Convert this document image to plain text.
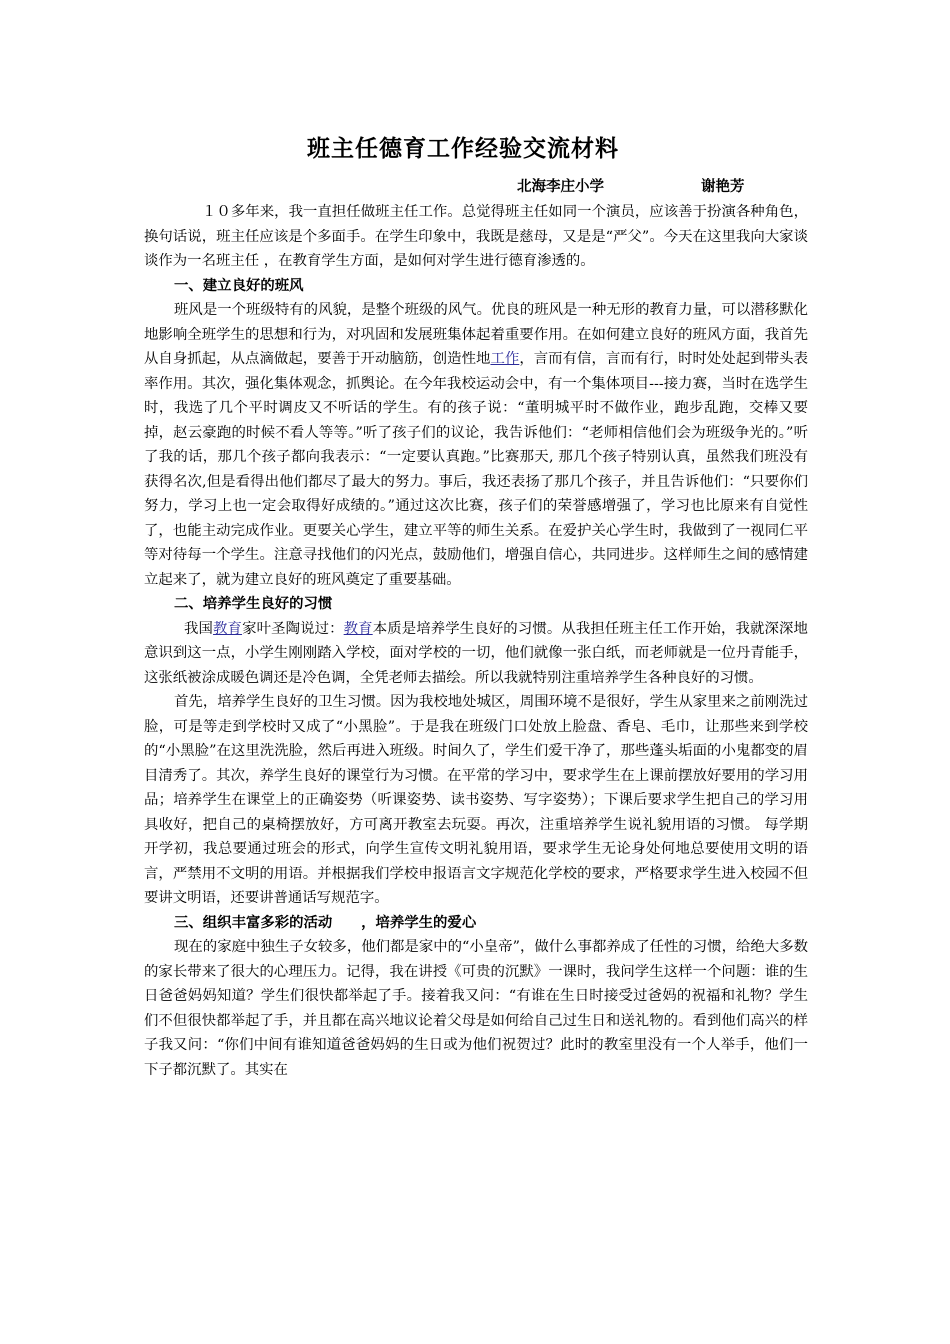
班主任德育工作经验交流材料
北海李庄小学	谢艳芳

１０多年来，我一直担任做班主任工作。总觉得班主任如同一个演员，应该善于扮演各种角色，换句话说，班主任应该是个多面手。在学生印象中，我既是慈母，又是是“严父”。今天在这里我向大家谈谈作为一名班主任 ，在教育学生方面，是如何对学生进行德育渗透的。

一、建立良好的班风

班风是一个班级特有的风貌，是整个班级的风气。优良的班风是一种无形的教育力量，可以潜移默化地影响全班学生的思想和行为，对巩固和发展班集体起着重要作用。在如何建立良好的班风方面，我首先从自身抓起，从点滴做起，要善于开动脑筋，创造性地工作，言而有信，言而有行，时时处处起到带头表率作用。其次，强化集体观念，抓舆论。在今年我校运动会中，有一个集体项目---接力赛，当时在选学生时，我选了几个平时调皮又不听话的学生。有的孩子说：“董明城平时不做作业，跑步乱跑，交棒又要掉，赵云豪跑的时候不看人等等。”听了孩子们的议论，我告诉他们：“老师相信他们会为班级争光的。”听了我的话，那几个孩子都向我表示：“一定要认真跑。”比赛那天, 那几个孩子特别认真，虽然我们班没有获得名次,但是看得出他们都尽了最大的努力。事后，我还表扬了那几个孩子，并且告诉他们：“只要你们努力，学习上也一定会取得好成绩的。”通过这次比赛，孩子们的荣誉感增强了，学习也比原来有自觉性了，也能主动完成作业。更要关心学生，建立平等的师生关系。在爱护关心学生时，我做到了一视同仁平等对待每一个学生。注意寻找他们的闪光点，鼓励他们，增强自信心，共同进步。这样师生之间的感情建立起来了，就为建立良好的班风奠定了重要基础。

二、培养学生良好的习惯

我国教育家叶圣陶说过：教育本质是培养学生良好的习惯。从我担任班主任工作开始，我就深深地意识到这一点，小学生刚刚踏入学校，面对学校的一切，他们就像一张白纸，而老师就是一位丹青能手，这张纸被涂成暖色调还是冷色调，全凭老师去描绘。所以我就特别注重培养学生各种良好的习惯。

首先，培养学生良好的卫生习惯。因为我校地处城区，周围环境不是很好，学生从家里来之前刚洗过脸，可是等走到学校时又成了“小黑脸”。于是我在班级门口处放上脸盘、香皂、毛巾，让那些来到学校的“小黑脸”在这里洗洗脸，然后再进入班级。时间久了，学生们爱干净了，那些蓬头垢面的小鬼都变的眉目清秀了。其次，养学生良好的课堂行为习惯。在平常的学习中，要求学生在上课前摆放好要用的学习用品；培养学生在课堂上的正确姿势（听课姿势、读书姿势、写字姿势）；下课后要求学生把自己的学习用具收好，把自己的桌椅摆放好，方可离开教室去玩耍。再次，注重培养学生说礼貌用语的习惯。 每学期开学初，我总要通过班会的形式，向学生宣传文明礼貌用语，要求学生无论身处何地总要使用文明的语言，严禁用不文明的用语。并根据我们学校申报语言文字规范化学校的要求，严格要求学生进入校园不但要讲文明语，还要讲普通话写规范字。

三、组织丰富多彩的活动　　，培养学生的爱心

现在的家庭中独生子女较多，他们都是家中的“小皇帝”，做什么事都养成了任性的习惯，给绝大多数的家长带来了很大的心理压力。记得，我在讲授《可贵的沉默》一课时，我问学生这样一个问题：谁的生日爸爸妈妈知道？学生们很快都举起了手。接着我又问：“有谁在生日时接受过爸妈的祝福和礼物？学生们不但很快都举起了手，并且都在高兴地议论着父母是如何给自己过生日和送礼物的。看到他们高兴的样子我又问：“你们中间有谁知道爸爸妈妈的生日或为他们祝贺过？此时的教室里没有一个人举手，他们一下子都沉默了。其实在
